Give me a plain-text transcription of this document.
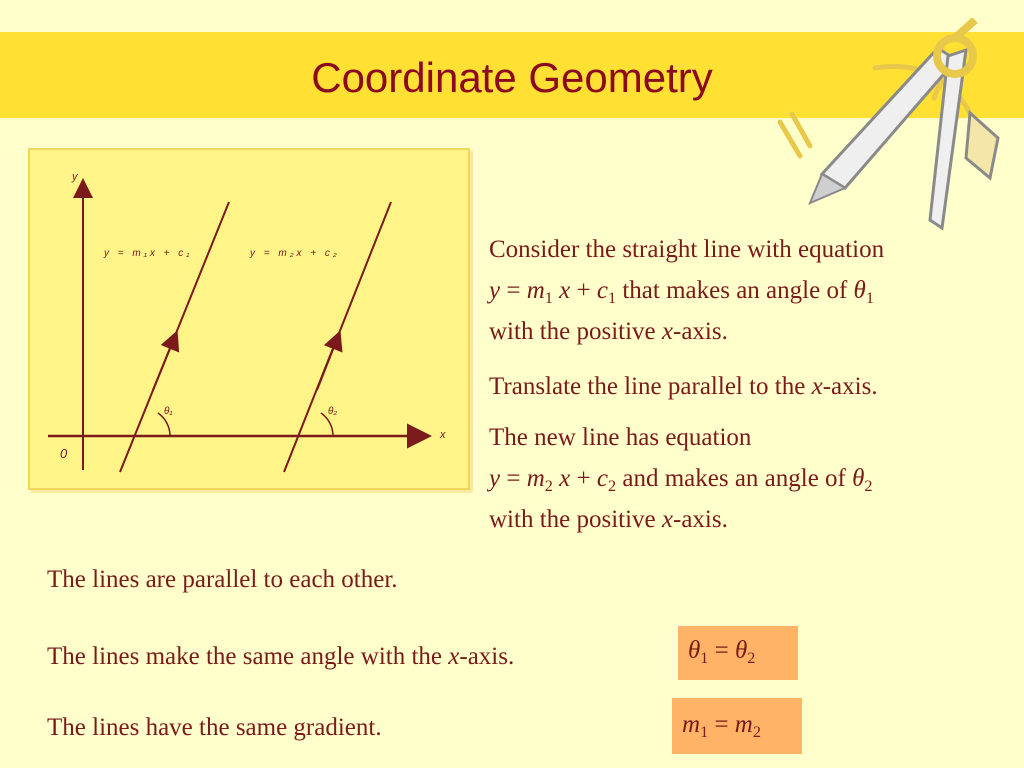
Coordinate Geometry
y
x
0
y = m₁x + c₁	y = m₂x + c₂
θ₁	θ₂
Consider the straight line with equation
$y = m_1$ $x + c_1$ that makes an angle of $\theta_1$
with the positive x-axis.
Translate the line parallel to the x-axis.
The new line has equation
$y = m_2$ $x + c_2$ and makes an angle of $\theta_2$
with the positive x-axis.
The lines are parallel to each other.
The lines make the same angle with the x-axis.
The lines have the same gradient.
$\theta_1 = \theta_2$
$m_1 = m_2$
